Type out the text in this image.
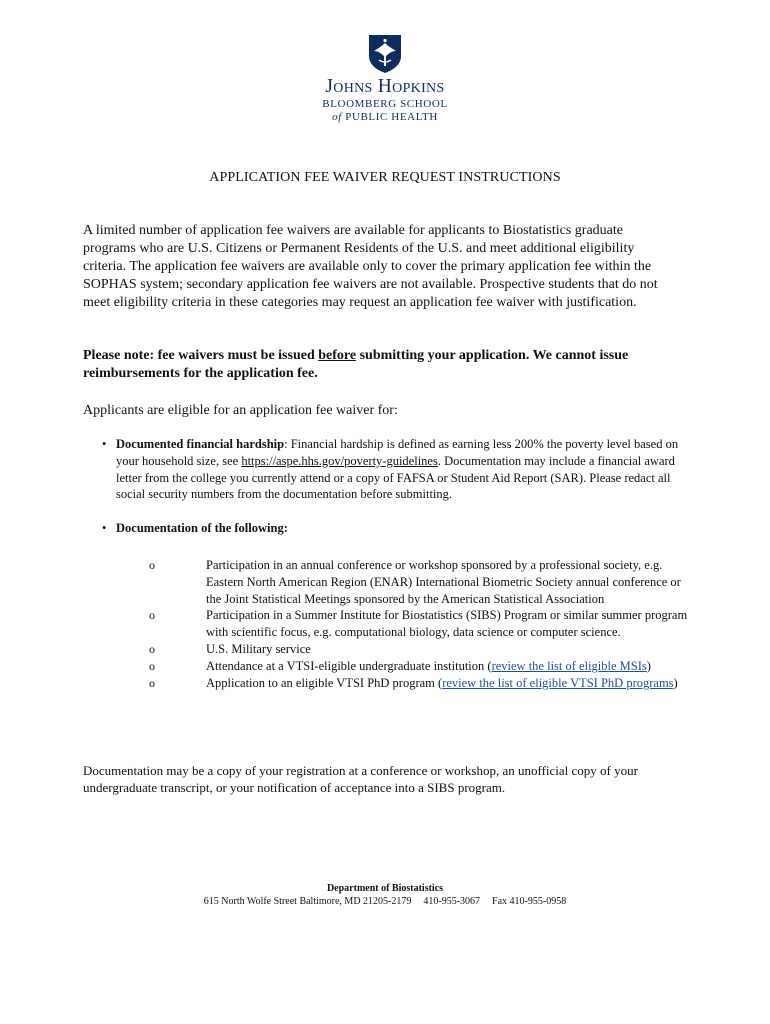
Johns Hopkins
BLOOMBERG SCHOOL
of PUBLIC HEALTH
APPLICATION FEE WAIVER REQUEST INSTRUCTIONS
A limited number of application fee waivers are available for applicants to Biostatistics graduate programs who are U.S. Citizens or Permanent Residents of the U.S. and meet additional eligibility criteria. The application fee waivers are available only to cover the primary application fee within the SOPHAS system; secondary application fee waivers are not available. Prospective students that do not meet eligibility criteria in these categories may request an application fee waiver with justification.
Please note: fee waivers must be issued before submitting your application. We cannot issue reimbursements for the application fee.
Applicants are eligible for an application fee waiver for:
• Documented financial hardship: Financial hardship is defined as earning less 200% the poverty level based on your household size, see https://aspe.hhs.gov/poverty-guidelines. Documentation may include a financial award letter from the college you currently attend or a copy of FAFSA or Student Aid Report (SAR). Please redact all social security numbers from the documentation before submitting.
• Documentation of the following:
o Participation in an annual conference or workshop sponsored by a professional society, e.g. Eastern North American Region (ENAR) International Biometric Society annual conference or the Joint Statistical Meetings sponsored by the American Statistical Association
o Participation in a Summer Institute for Biostatistics (SIBS) Program or similar summer program with scientific focus, e.g. computational biology, data science or computer science.
o U.S. Military service
o Attendance at a VTSI-eligible undergraduate institution (review the list of eligible MSIs)
o Application to an eligible VTSI PhD program (review the list of eligible VTSI PhD programs)
Documentation may be a copy of your registration at a conference or workshop, an unofficial copy of your undergraduate transcript, or your notification of acceptance into a SIBS program.
Department of Biostatistics
615 North Wolfe Street Baltimore, MD 21205-2179 410-955-3067 Fax 410-955-0958
